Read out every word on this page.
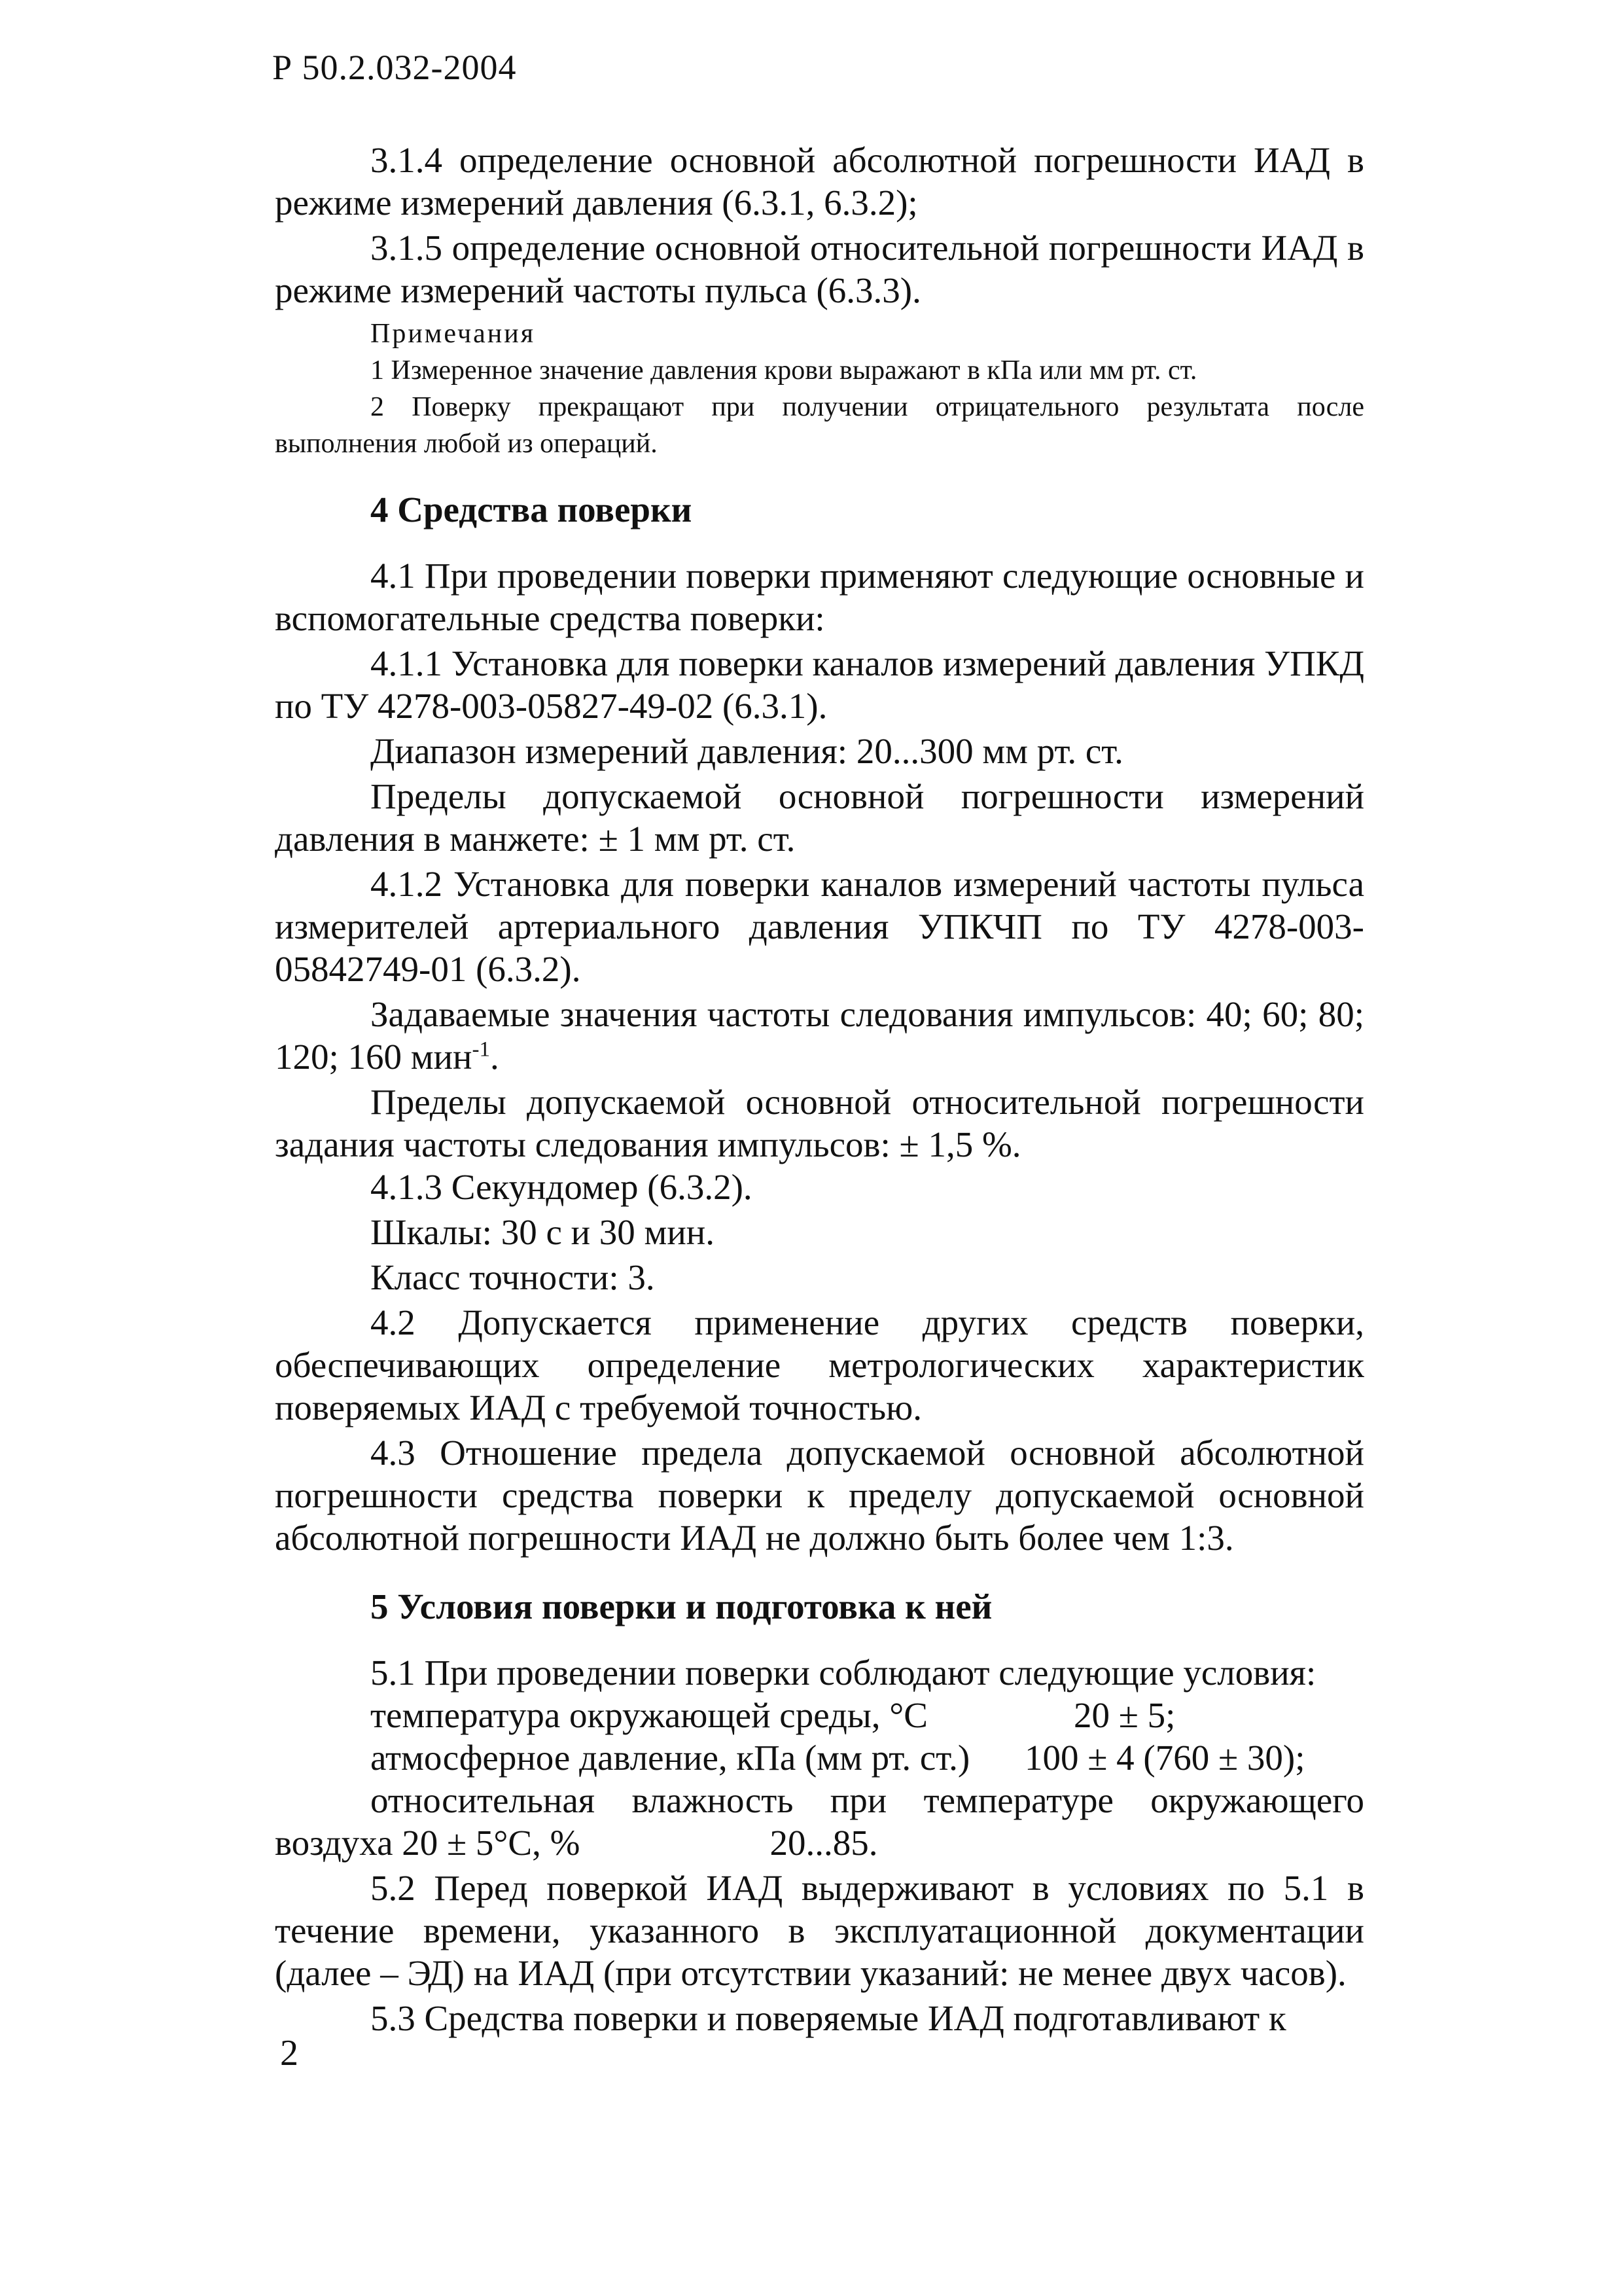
Р 50.2.032-2004

3.1.4 определение основной абсолютной погрешности ИАД в режиме измерений давления (6.3.1, 6.3.2);

3.1.5 определение основной относительной погрешности ИАД в режиме измерений частоты пульса (6.3.3).

Примечания

1 Измеренное значение давления крови выражают в кПа или мм рт. ст.

2 Поверку прекращают при получении отрицательного результата после выполнения любой из операций.

4 Средства поверки

4.1 При проведении поверки применяют следующие основные и вспомогательные средства поверки:

4.1.1 Установка для поверки каналов измерений давления УПКД по ТУ 4278-003-05827-49-02 (6.3.1).

Диапазон измерений давления: 20...300 мм рт. ст.

Пределы допускаемой основной погрешности измерений давления в манжете: ± 1 мм рт. ст.

4.1.2 Установка для поверки каналов измерений частоты пульса измерителей артериального давления УПКЧП по ТУ 4278-003-05842749-01 (6.3.2).

Задаваемые значения частоты следования импульсов: 40; 60; 80; 120; 160 мин$^{-1}$.

Пределы допускаемой основной относительной погрешности задания частоты следования импульсов: ± 1,5 %.

4.1.3 Секундомер (6.3.2).

Шкалы: 30 с и 30 мин.

Класс точности: 3.

4.2 Допускается применение других средств поверки, обеспечивающих определение метрологических характеристик поверяемых ИАД с требуемой точностью.

4.3 Отношение предела допускаемой основной абсолютной погрешности средства поверки к пределу допускаемой основной абсолютной погрешности ИАД не должно быть более чем 1:3.

5 Условия поверки и подготовка к ней

5.1 При проведении поверки соблюдают следующие условия:

температура окружающей среды, °С	20 ± 5;
атмосферное давление, кПа (мм рт. ст.)	100 ± 4 (760 ± 30);

относительная влажность при температуре окружающего воздуха 20 ± 5°С, %	20...85.

5.2 Перед поверкой ИАД выдерживают в условиях по 5.1 в течение времени, указанного в эксплуатационной документации (далее – ЭД) на ИАД (при отсутствии указаний: не менее двух часов).

5.3 Средства поверки и поверяемые ИАД подготавливают к

2
